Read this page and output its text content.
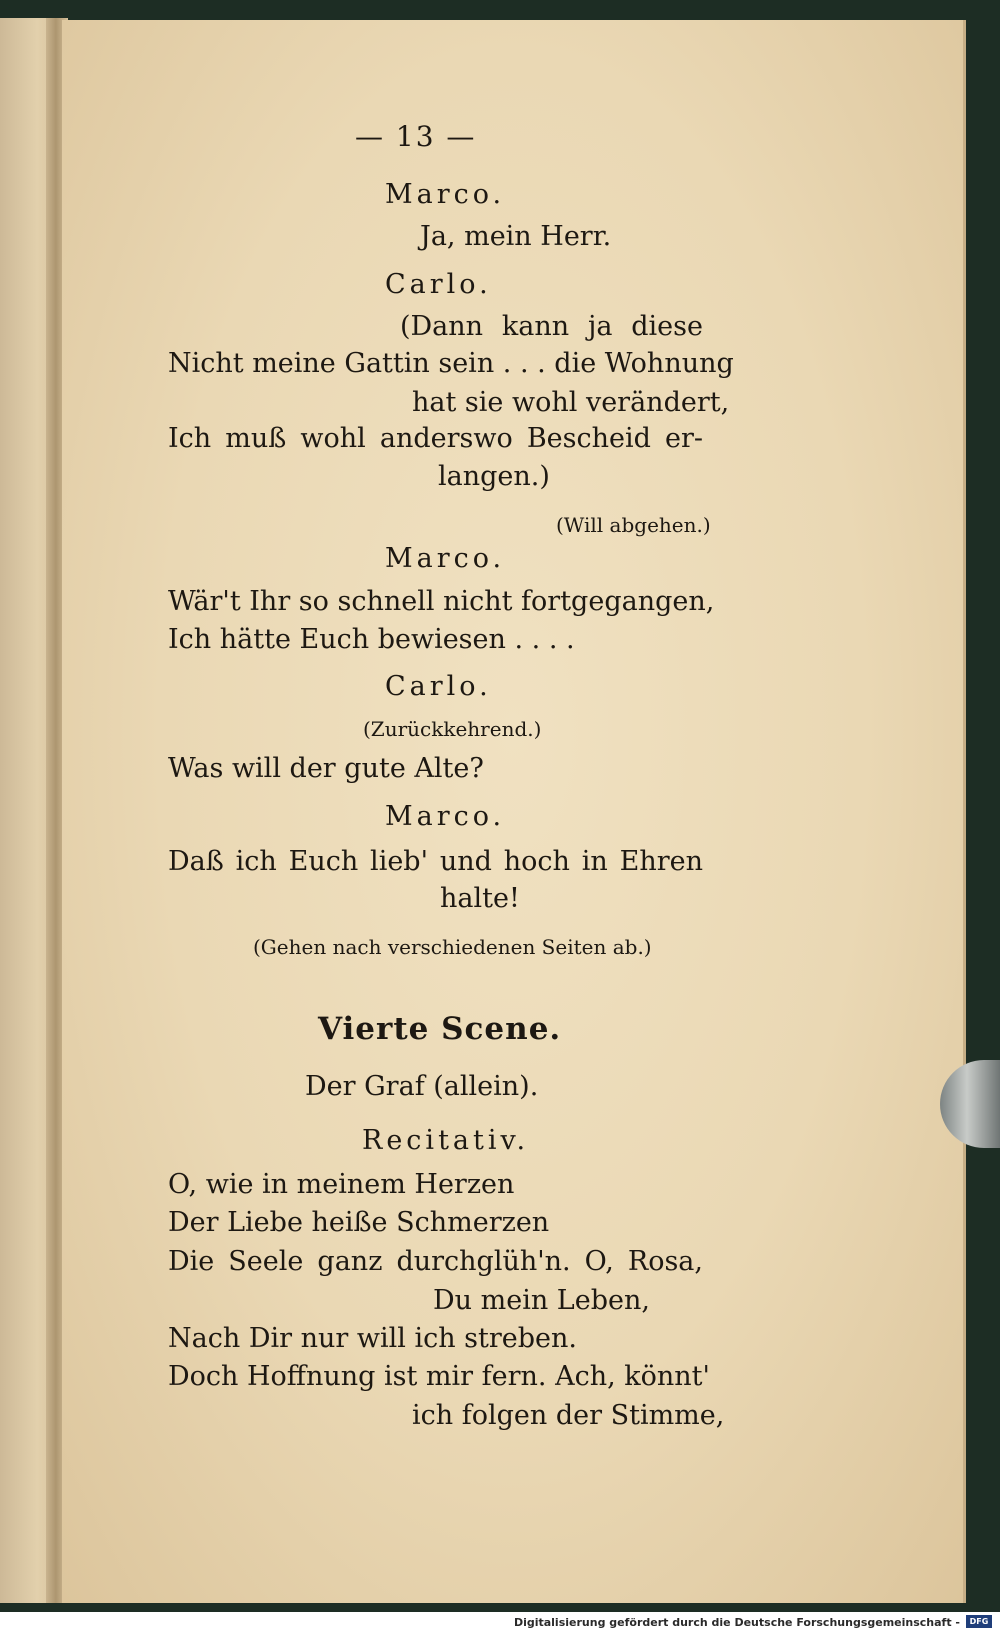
— 13 —
Marco.
Ja, mein Herr.
Carlo.
(Dann kann ja diese
Nicht meine Gattin sein . . . die Wohnung
hat sie wohl verändert,
Ich muß wohl anderswo Bescheid er-
langen.)
(Will abgehen.)
Marco.
Wär't Ihr so schnell nicht fortgegangen,
Ich hätte Euch bewiesen . . . .
Carlo.
(Zurückkehrend.)
Was will der gute Alte?
Marco.
Daß ich Euch lieb' und hoch in Ehren
halte!
(Gehen nach verschiedenen Seiten ab.)
Vierte Scene.
Der Graf (allein).
Recitativ.
O, wie in meinem Herzen
Der Liebe heiße Schmerzen
Die Seele ganz durchglüh'n. O, Rosa,
Du mein Leben,
Nach Dir nur will ich streben.
Doch Hoffnung ist mir fern. Ach, könnt'
ich folgen der Stimme,
Digitalisierung gefördert durch die Deutsche Forschungsgemeinschaft -	DFG
